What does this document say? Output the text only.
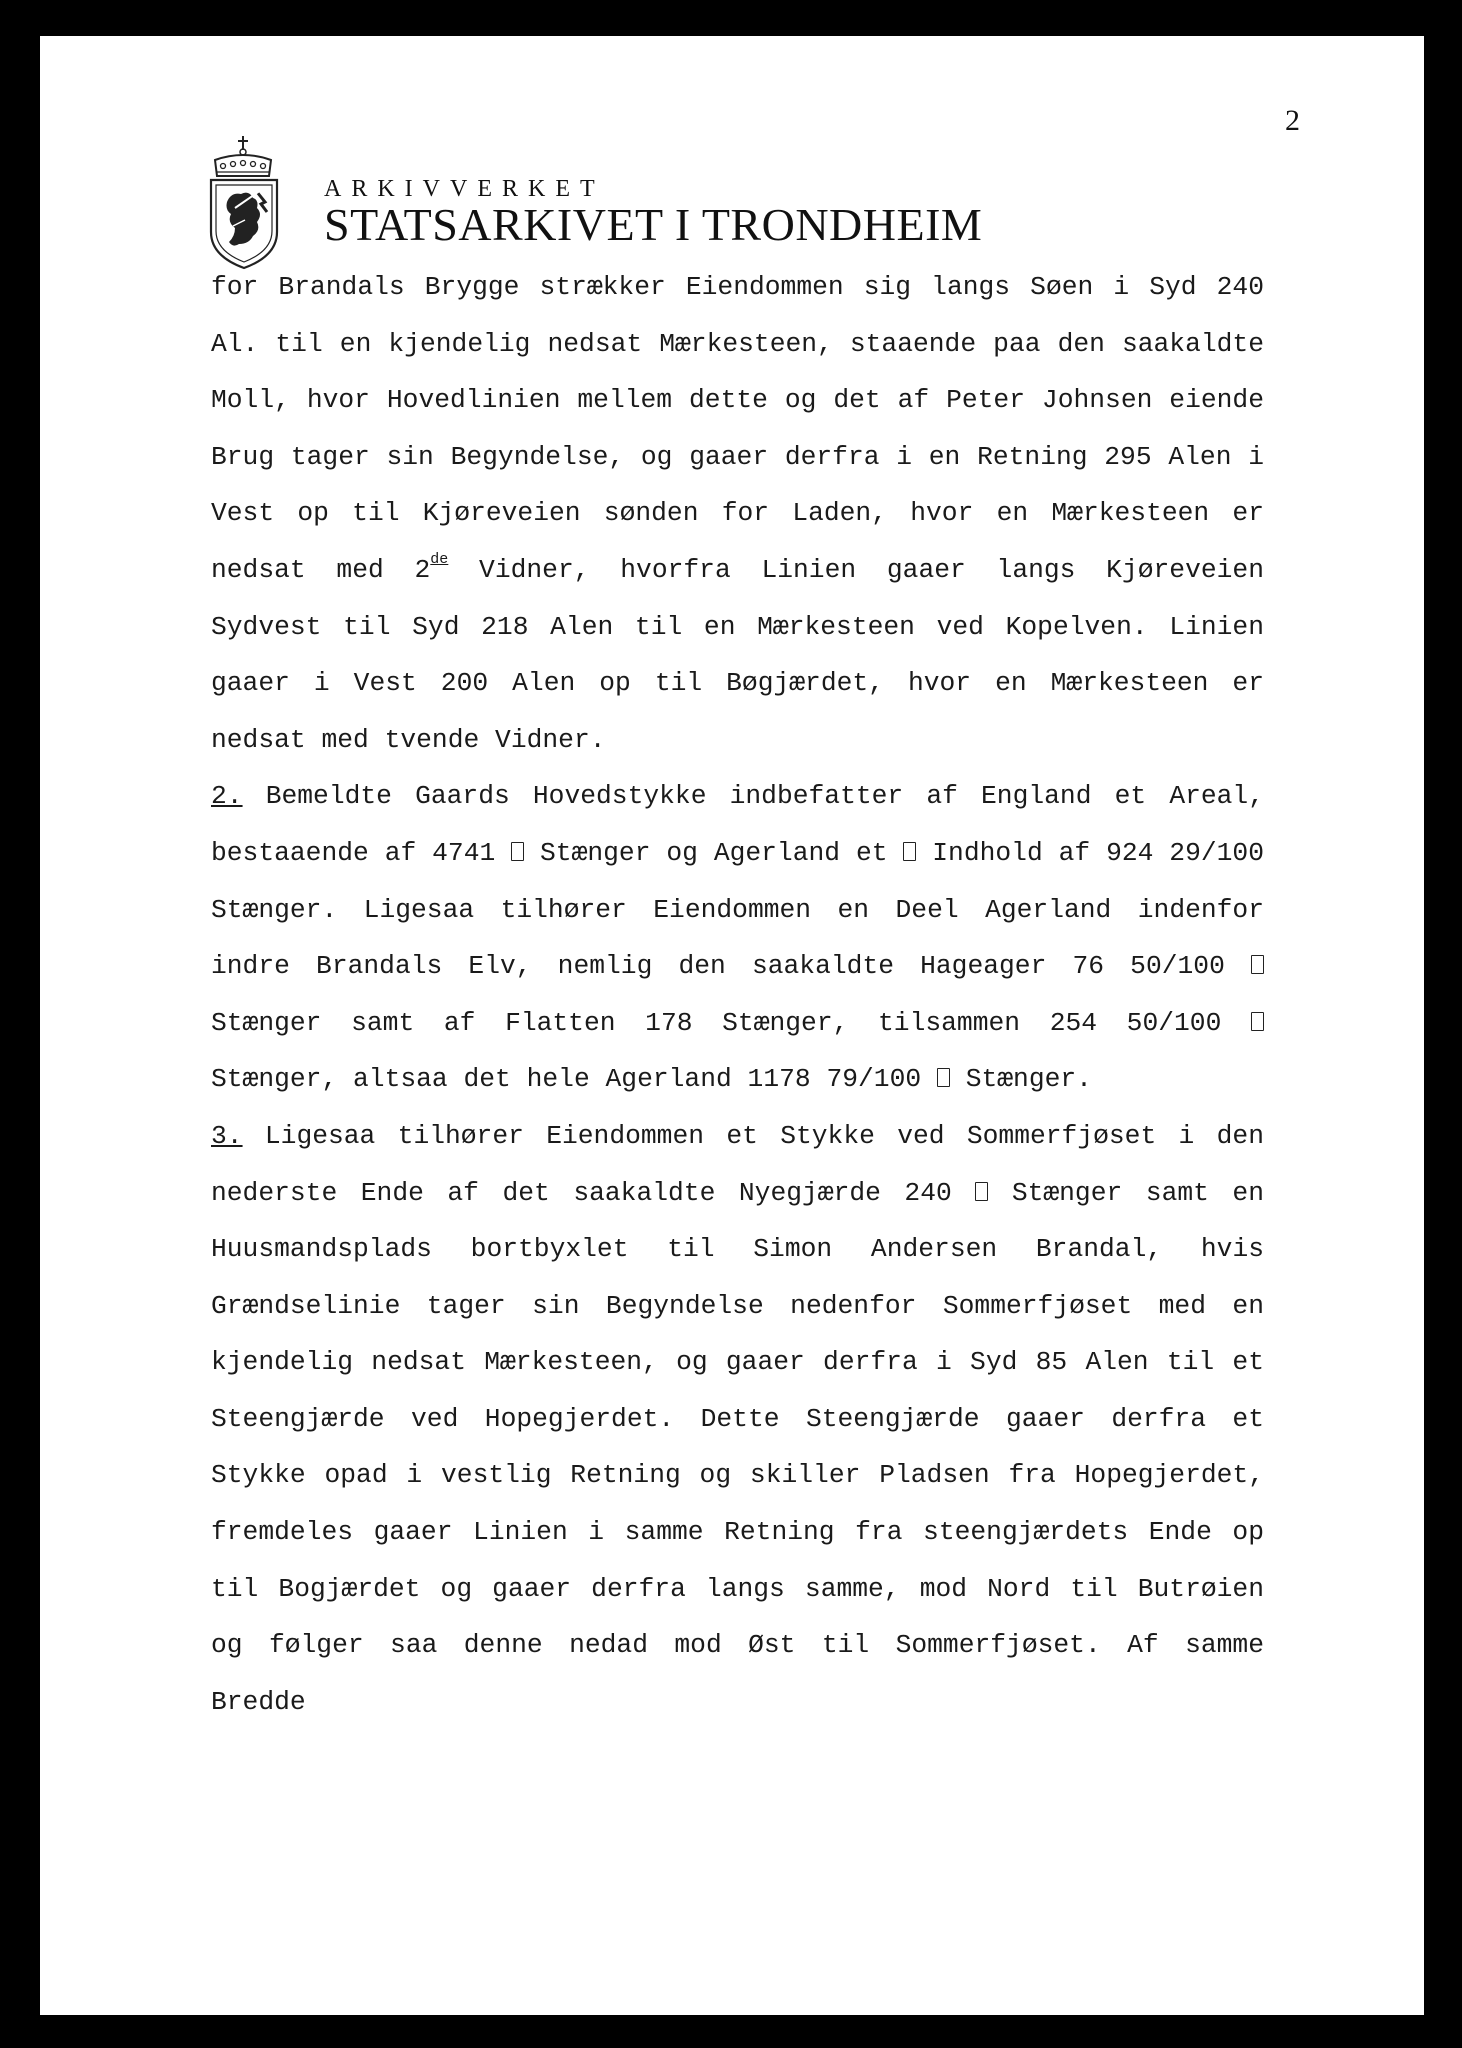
2
ARKIVVERKET
STATSARKIVET I TRONDHEIM

for Brandals Brygge strækker Eiendommen sig langs Søen i Syd 240 Al. til en kjendelig nedsat Mærkesteen, staaende paa den saakaldte Moll, hvor Hovedlinien mellem dette og det af Peter Johnsen eiende Brug tager sin Begyndelse, og gaaer derfra i en Retning 295 Alen i Vest op til Kjøreveien sønden for Laden, hvor en Mærkesteen er nedsat med 2de Vidner, hvorfra Linien gaaer langs Kjøreveien Sydvest til Syd 218 Alen til en Mærkesteen ved Kopelven. Linien gaaer i Vest 200 Alen op til Bøgjærdet, hvor en Mærkesteen er nedsat med tvende Vidner.

2. Bemeldte Gaards Hovedstykke indbefatter af England et Areal, bestaaende af 4741  Stænger og Agerland et  Indhold af 924 29/100 Stænger. Ligesaa tilhører Eiendommen en Deel Agerland indenfor indre Brandals Elv, nemlig den saakaldte Hageager 76 50/100  Stænger samt af Flatten 178 Stænger, tilsammen 254 50/100  Stænger, altsaa det hele Agerland 1178 79/100  Stænger.

3. Ligesaa tilhører Eiendommen et Stykke ved Sommerfjøset i den nederste Ende af det saakaldte Nyegjærde 240  Stænger samt en Huusmandsplads bortbyxlet til Simon Andersen Brandal, hvis Grændselinie tager sin Begyndelse nedenfor Sommerfjøset med en kjendelig nedsat Mærkesteen, og gaaer derfra i Syd 85 Alen til et Steengjærde ved Hopegjerdet. Dette Steengjærde gaaer derfra et Stykke opad i vestlig Retning og skiller Pladsen fra Hopegjerdet, fremdeles gaaer Linien i samme Retning fra steengjærdets Ende op til Bogjærdet og gaaer derfra langs samme, mod Nord til Butrøien og følger saa denne nedad mod Øst til Sommerfjøset. Af samme Bredde
